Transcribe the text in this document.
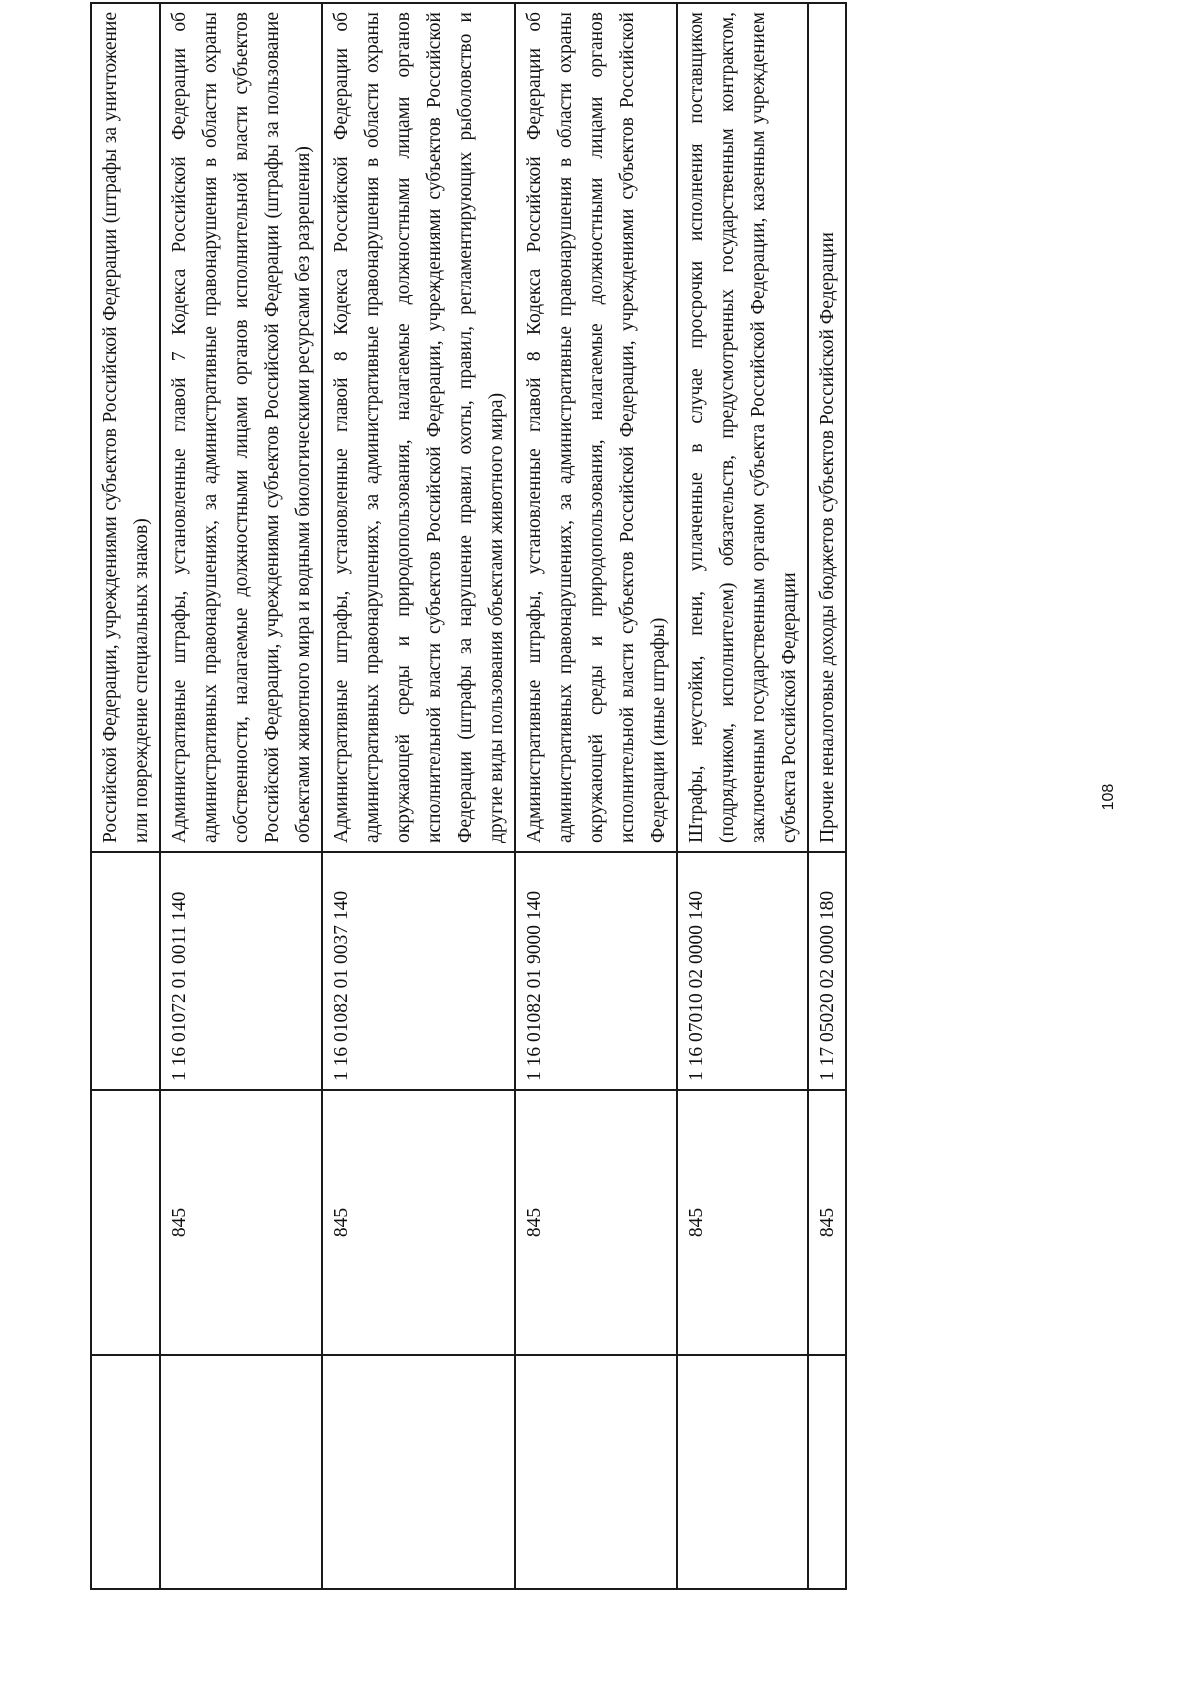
			Российской Федерации, учреждениями субъектов Российской Федерации (штрафы за уничтожение или повреждение специальных знаков)
	845	1 16 01072 01 0011 140	Административные штрафы, установленные главой 7 Кодекса Российской Федерации об административных правонарушениях, за административные правонарушения в области охраны собственности, налагаемые должностными лицами органов исполнительной власти субъектов Российской Федерации, учреждениями субъектов Российской Федерации (штрафы за пользование объектами животного мира и водными биологическими ресурсами без разрешения)
	845	1 16 01082 01 0037 140	Административные штрафы, установленные главой 8 Кодекса Российской Федерации об административных правонарушениях, за административные правонарушения в области охраны окружающей среды и природопользования, налагаемые должностными лицами органов исполнительной власти субъектов Российской Федерации, учреждениями субъектов Российской Федерации (штрафы за нарушение правил охоты, правил, регламентирующих рыболовство и другие виды пользования объектами животного мира)
	845	1 16 01082 01 9000 140	Административные штрафы, установленные главой 8 Кодекса Российской Федерации об административных правонарушениях, за административные правонарушения в области охраны окружающей среды и природопользования, налагаемые должностными лицами органов исполнительной власти субъектов Российской Федерации, учреждениями субъектов Российской Федерации (иные штрафы)
	845	1 16 07010 02 0000 140	Штрафы, неустойки, пени, уплаченные в случае просрочки исполнения поставщиком (подрядчиком, исполнителем) обязательств, предусмотренных государственным контрактом, заключенным государственным органом субъекта Российской Федерации, казенным учреждением субъекта Российской Федерации
	845	1 17 05020 02 0000 180	Прочие неналоговые доходы бюджетов субъектов Российской Федерации	108
